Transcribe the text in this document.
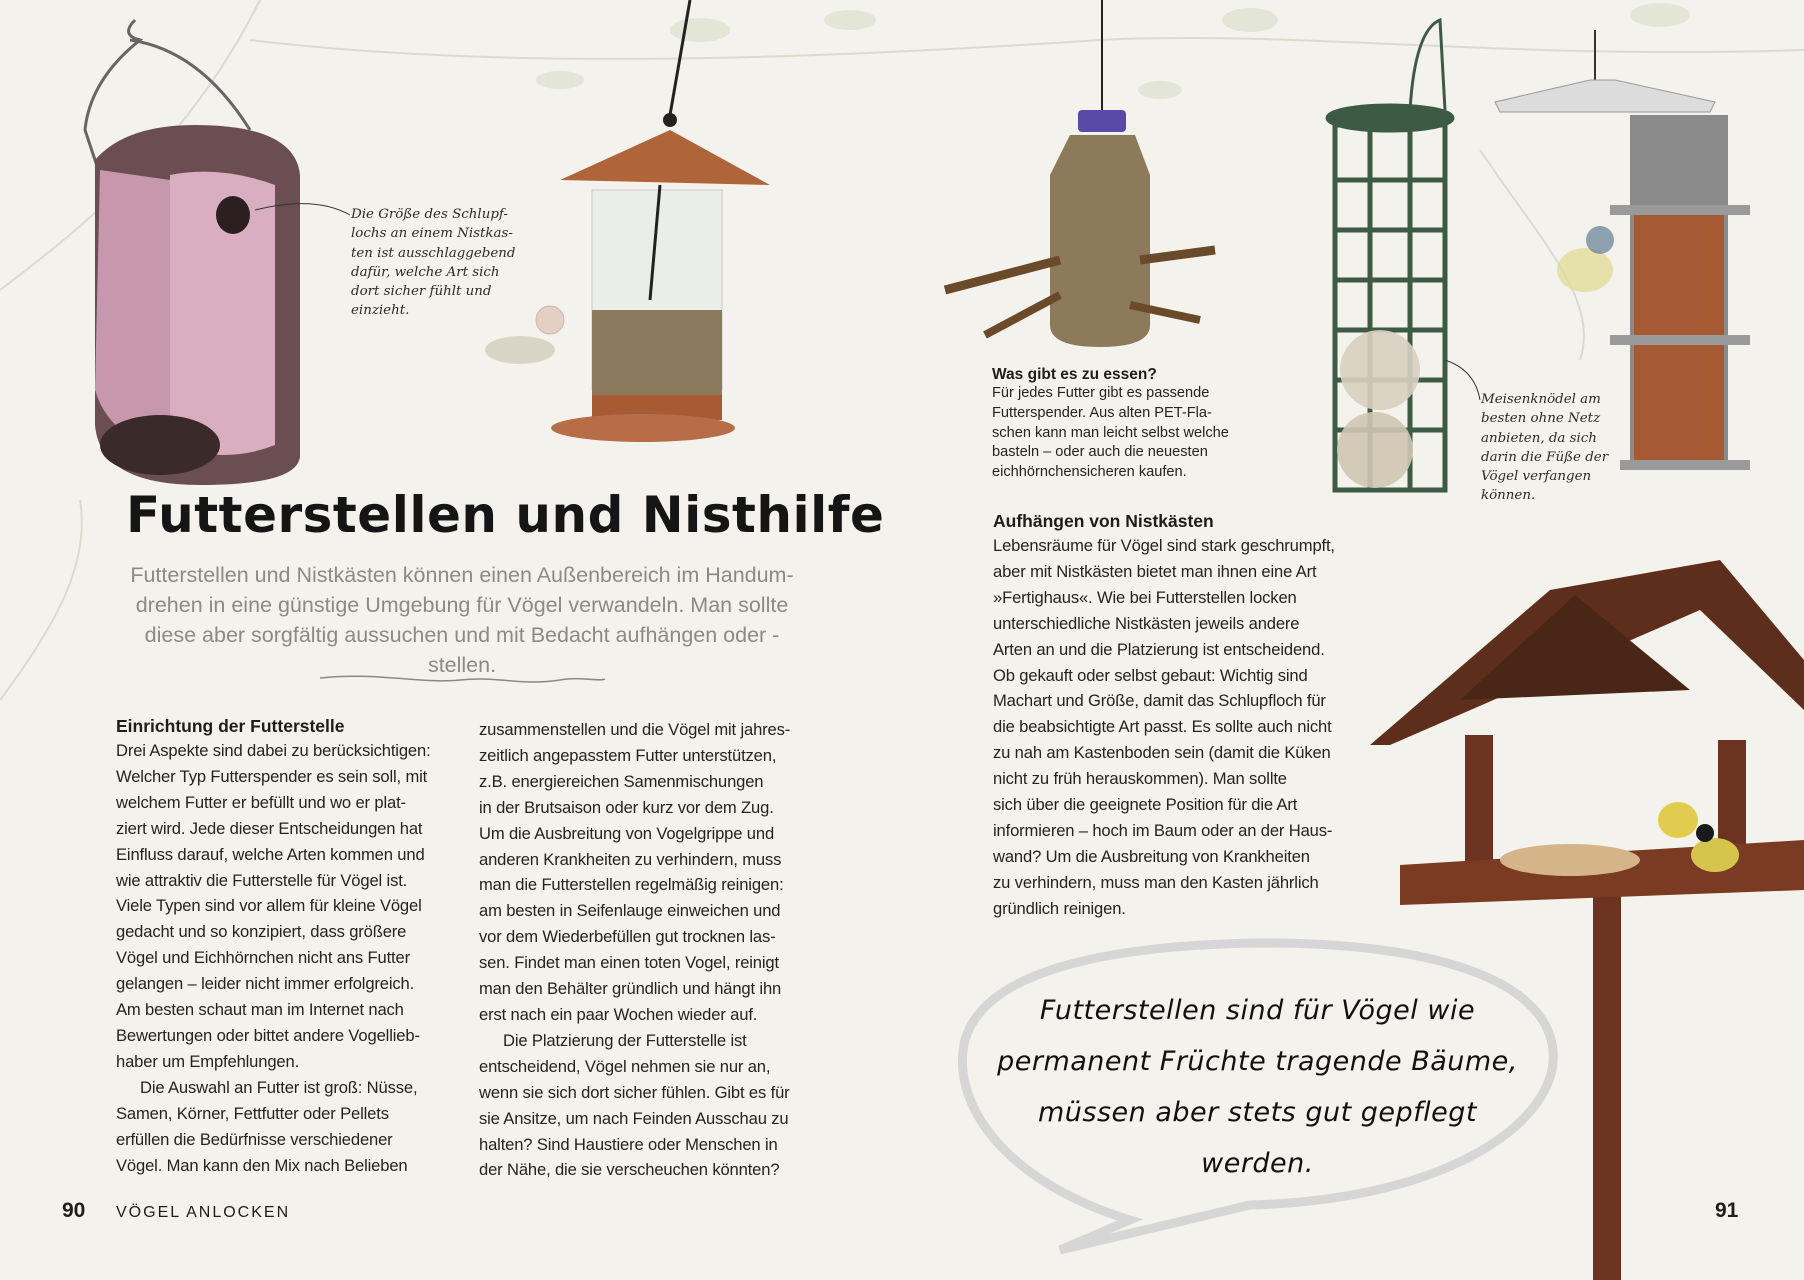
Futterstellen und Nisthilfe
Futterstellen und Nistkästen können einen Außenbereich im Handum-
drehen in eine günstige Umgebung für Vögel verwandeln. Man sollte
diese aber sorgfältig aussuchen und mit Bedacht aufhängen oder -stellen.
Die Größe des Schlupf-
lochs an einem Nistkas-
ten ist ausschlaggebend
dafür, welche Art sich
dort sicher fühlt und
einzieht.
Einrichtung der Futterstelle
Drei Aspekte sind dabei zu berücksichtigen:
Welcher Typ Futterspender es sein soll, mit
welchem Futter er befüllt und wo er plat-
ziert wird. Jede dieser Entscheidungen hat
Einfluss darauf, welche Arten kommen und
wie attraktiv die Futterstelle für Vögel ist.
Viele Typen sind vor allem für kleine Vögel
gedacht und so konzipiert, dass größere
Vögel und Eichhörnchen nicht ans Futter
gelangen – leider nicht immer erfolgreich.
Am besten schaut man im Internet nach
Bewertungen oder bittet andere Vogellieb-
haber um Empfehlungen.
Die Auswahl an Futter ist groß: Nüsse,
Samen, Körner, Fettfutter oder Pellets
erfüllen die Bedürfnisse verschiedener
Vögel. Man kann den Mix nach Belieben
zusammenstellen und die Vögel mit jahres-
zeitlich angepasstem Futter unterstützen,
z.B. energiereichen Samenmischungen
in der Brutsaison oder kurz vor dem Zug.
Um die Ausbreitung von Vogelgrippe und
anderen Krankheiten zu verhindern, muss
man die Futterstellen regelmäßig reinigen:
am besten in Seifenlauge einweichen und
vor dem Wiederbefüllen gut trocknen las-
sen. Findet man einen toten Vogel, reinigt
man den Behälter gründlich und hängt ihn
erst nach ein paar Wochen wieder auf.
Die Platzierung der Futterstelle ist
entscheidend, Vögel nehmen sie nur an,
wenn sie sich dort sicher fühlen. Gibt es für
sie Ansitze, um nach Feinden Ausschau zu
halten? Sind Haustiere oder Menschen in
der Nähe, die sie verscheuchen könnten?
90 VÖGEL ANLOCKEN
Was gibt es zu essen?
Für jedes Futter gibt es passende
Futterspender. Aus alten PET-Fla-
schen kann man leicht selbst welche
basteln – oder auch die neuesten
eichhörnchensicheren kaufen.
Meisenknödel am
besten ohne Netz
anbieten, da sich
darin die Füße der
Vögel verfangen
können.
Aufhängen von Nistkästen
Lebensräume für Vögel sind stark geschrumpft,
aber mit Nistkästen bietet man ihnen eine Art
»Fertighaus«. Wie bei Futterstellen locken
unterschiedliche Nistkästen jeweils andere
Arten an und die Platzierung ist entscheidend.
Ob gekauft oder selbst gebaut: Wichtig sind
Machart und Größe, damit das Schlupfloch für
die beabsichtigte Art passt. Es sollte auch nicht
zu nah am Kastenboden sein (damit die Küken
nicht zu früh herauskommen). Man sollte
sich über die geeignete Position für die Art
informieren – hoch im Baum oder an der Haus-
wand? Um die Ausbreitung von Krankheiten
zu verhindern, muss man den Kasten jährlich
gründlich reinigen.
Futterstellen sind für Vögel wie
permanent Früchte tragende Bäume,
müssen aber stets gut gepflegt
werden.
91
